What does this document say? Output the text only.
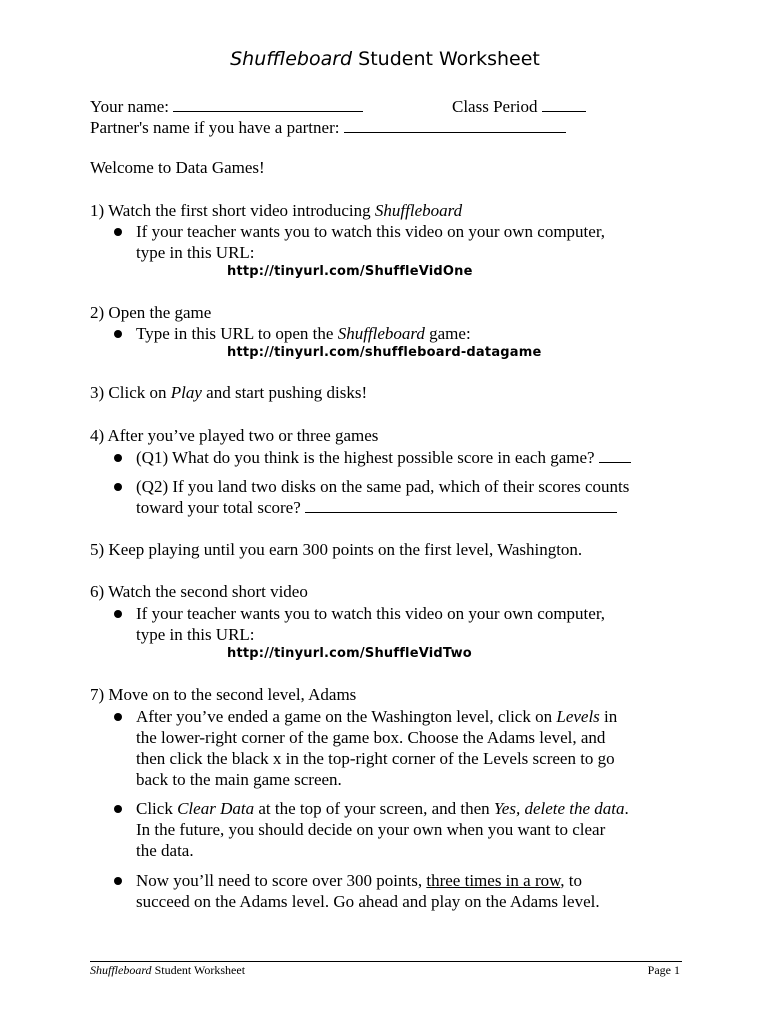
Shuffleboard Student Worksheet
Your name:	Class Period
Partner's name if you have a partner:
Welcome to Data Games!
1) Watch the first short video introducing Shuffleboard
If your teacher wants you to watch this video on your own computer,
type in this URL:
http://tinyurl.com/ShuffleVidOne
2) Open the game
Type in this URL to open the Shuffleboard game:
http://tinyurl.com/shuffleboard-datagame
3) Click on Play and start pushing disks!
4) After you’ve played two or three games
(Q1) What do you think is the highest possible score in each game?
(Q2) If you land two disks on the same pad, which of their scores counts
toward your total score?
5) Keep playing until you earn 300 points on the first level, Washington.
6) Watch the second short video
If your teacher wants you to watch this video on your own computer,
type in this URL:
http://tinyurl.com/ShuffleVidTwo
7) Move on to the second level, Adams
After you’ve ended a game on the Washington level, click on Levels in
the lower-right corner of the game box. Choose the Adams level, and
then click the black x in the top-right corner of the Levels screen to go
back to the main game screen.
Click Clear Data at the top of your screen, and then Yes, delete the data.
In the future, you should decide on your own when you want to clear
the data.
Now you’ll need to score over 300 points, three times in a row, to
succeed on the Adams level. Go ahead and play on the Adams level.
Shuffleboard Student Worksheet	Page 1
